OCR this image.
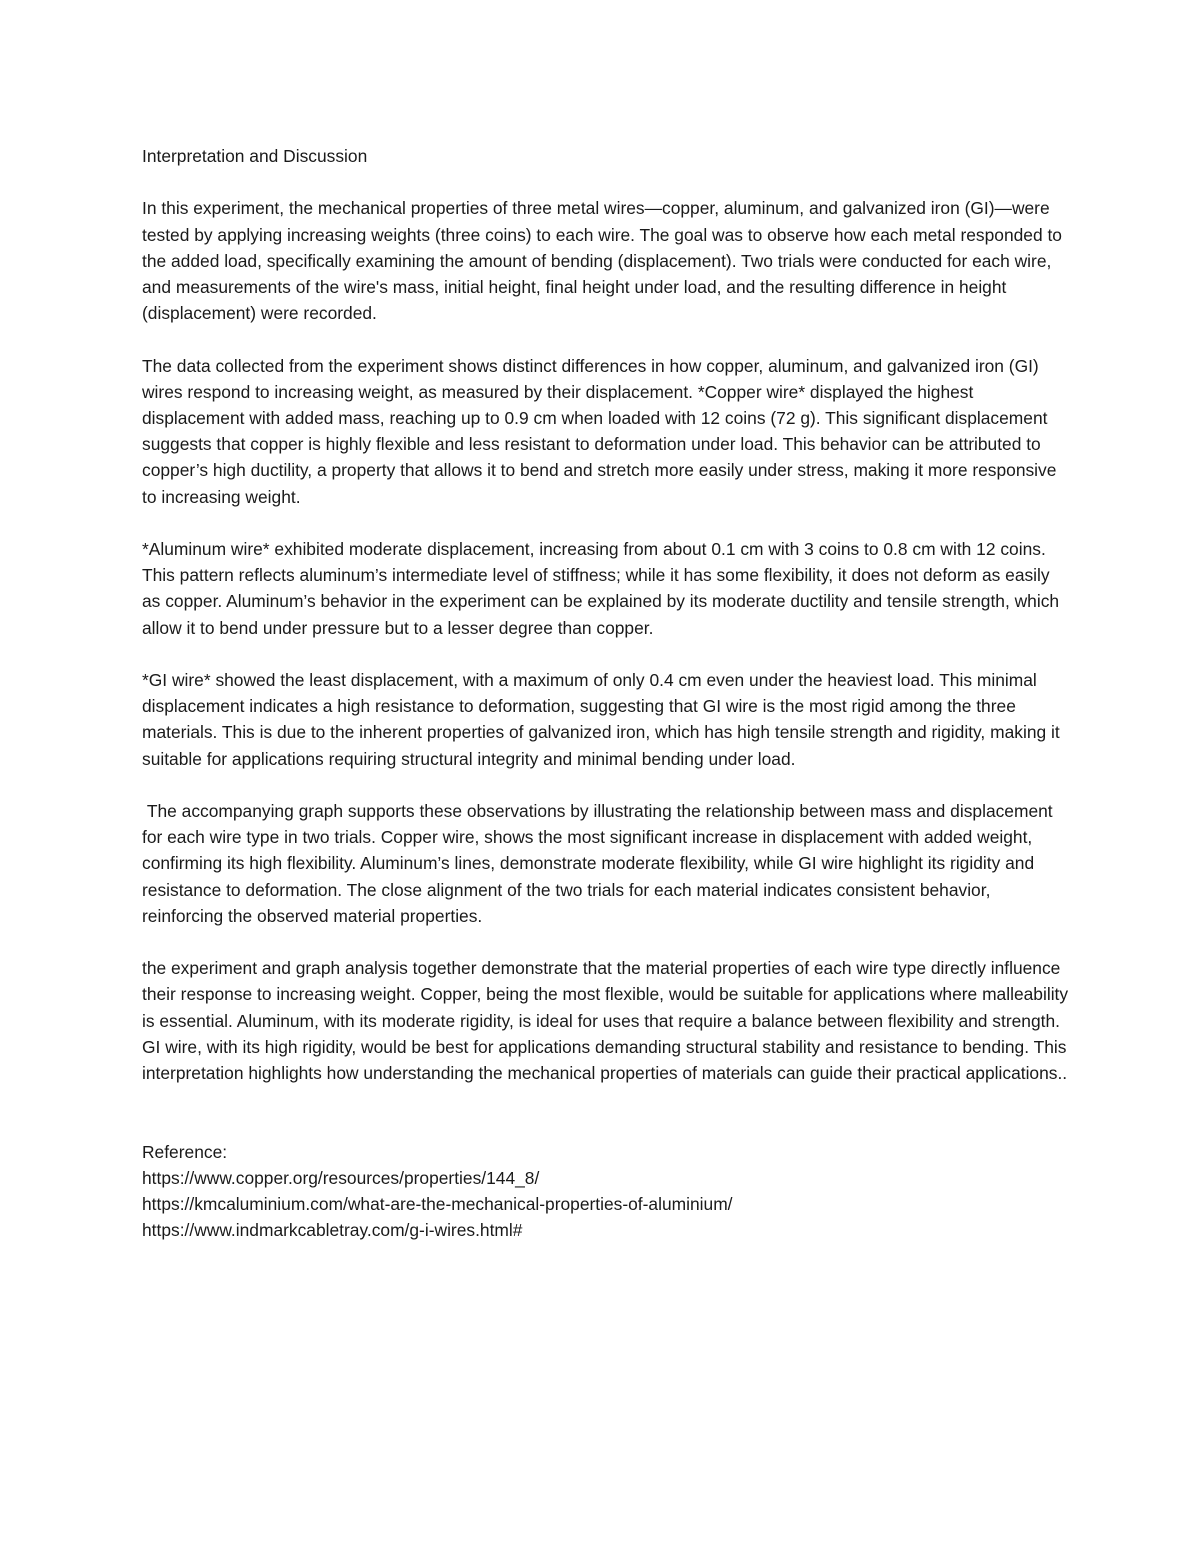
Interpretation and Discussion

In this experiment, the mechanical properties of three metal wires—copper, aluminum, and galvanized iron (GI)—were tested by applying increasing weights (three coins) to each wire. The goal was to observe how each metal responded to the added load, specifically examining the amount of bending (displacement). Two trials were conducted for each wire, and measurements of the wire's mass, initial height, final height under load, and the resulting difference in height (displacement) were recorded.

The data collected from the experiment shows distinct differences in how copper, aluminum, and galvanized iron (GI) wires respond to increasing weight, as measured by their displacement. *Copper wire* displayed the highest displacement with added mass, reaching up to 0.9 cm when loaded with 12 coins (72 g). This significant displacement suggests that copper is highly flexible and less resistant to deformation under load. This behavior can be attributed to copper’s high ductility, a property that allows it to bend and stretch more easily under stress, making it more responsive to increasing weight.

*Aluminum wire* exhibited moderate displacement, increasing from about 0.1 cm with 3 coins to 0.8 cm with 12 coins. This pattern reflects aluminum’s intermediate level of stiffness; while it has some flexibility, it does not deform as easily as copper. Aluminum’s behavior in the experiment can be explained by its moderate ductility and tensile strength, which allow it to bend under pressure but to a lesser degree than copper.

*GI wire* showed the least displacement, with a maximum of only 0.4 cm even under the heaviest load. This minimal displacement indicates a high resistance to deformation, suggesting that GI wire is the most rigid among the three materials. This is due to the inherent properties of galvanized iron, which has high tensile strength and rigidity, making it suitable for applications requiring structural integrity and minimal bending under load.

The accompanying graph supports these observations by illustrating the relationship between mass and displacement for each wire type in two trials. Copper wire, shows the most significant increase in displacement with added weight, confirming its high flexibility. Aluminum’s lines, demonstrate moderate flexibility, while GI wire highlight its rigidity and resistance to deformation. The close alignment of the two trials for each material indicates consistent behavior, reinforcing the observed material properties.

the experiment and graph analysis together demonstrate that the material properties of each wire type directly influence their response to increasing weight. Copper, being the most flexible, would be suitable for applications where malleability is essential. Aluminum, with its moderate rigidity, is ideal for uses that require a balance between flexibility and strength. GI wire, with its high rigidity, would be best for applications demanding structural stability and resistance to bending. This interpretation highlights how understanding the mechanical properties of materials can guide their practical applications..

Reference:

https://www.copper.org/resources/properties/144_8/
https://kmcaluminium.com/what-are-the-mechanical-properties-of-aluminium/
https://www.indmarkcabletray.com/g-i-wires.html#
